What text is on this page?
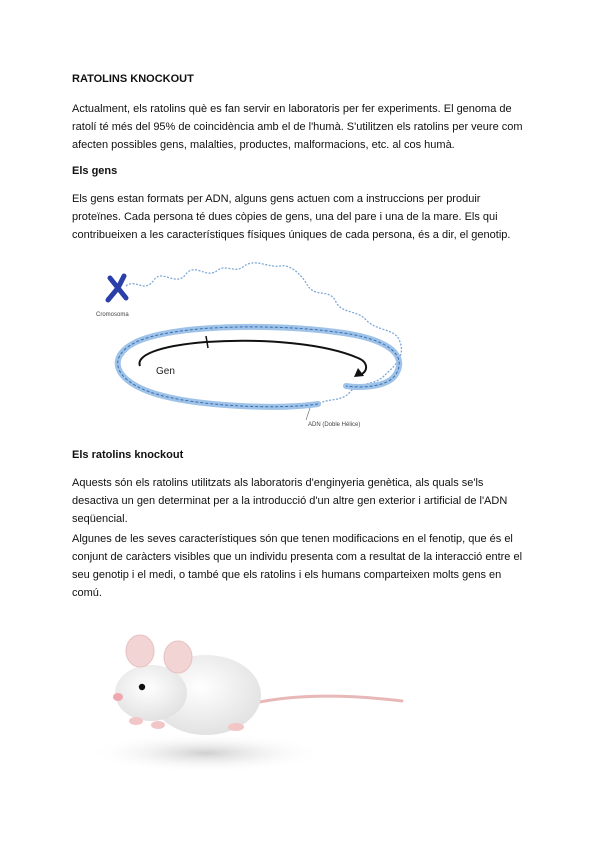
RATOLINS KNOCKOUT
Actualment, els ratolins què es fan servir en laboratoris per fer experiments. El genoma de ratolí té més del 95% de coincidència amb el de l'humà. S'utilitzen els ratolins per veure com afecten possibles gens, malalties, productes, malformacions, etc. al cos humà.
Els gens
Els gens estan formats per ADN, alguns gens actuen com a instruccions per produir proteïnes. Cada persona té dues còpies de gens, una del pare i una de la mare. Els qui contribueixen a les característiques físiques úniques de cada persona, és a dir, el genotip.
Gen
Cromosoma
ADN (Doble Hélice)
Els ratolins knockout
Aquests són els ratolins utilitzats als laboratoris d'enginyeria genètica, als quals se'ls desactiva un gen determinat per a la introducció d'un altre gen exterior i artificial de l'ADN seqüencial.
Algunes de les seves característiques són que tenen modificacions en el fenotip, que és el conjunt de caràcters visibles que un individu presenta com a resultat de la interacció entre el seu genotip i el medi, o també que els ratolins i els humans comparteixen molts gens en comú.
